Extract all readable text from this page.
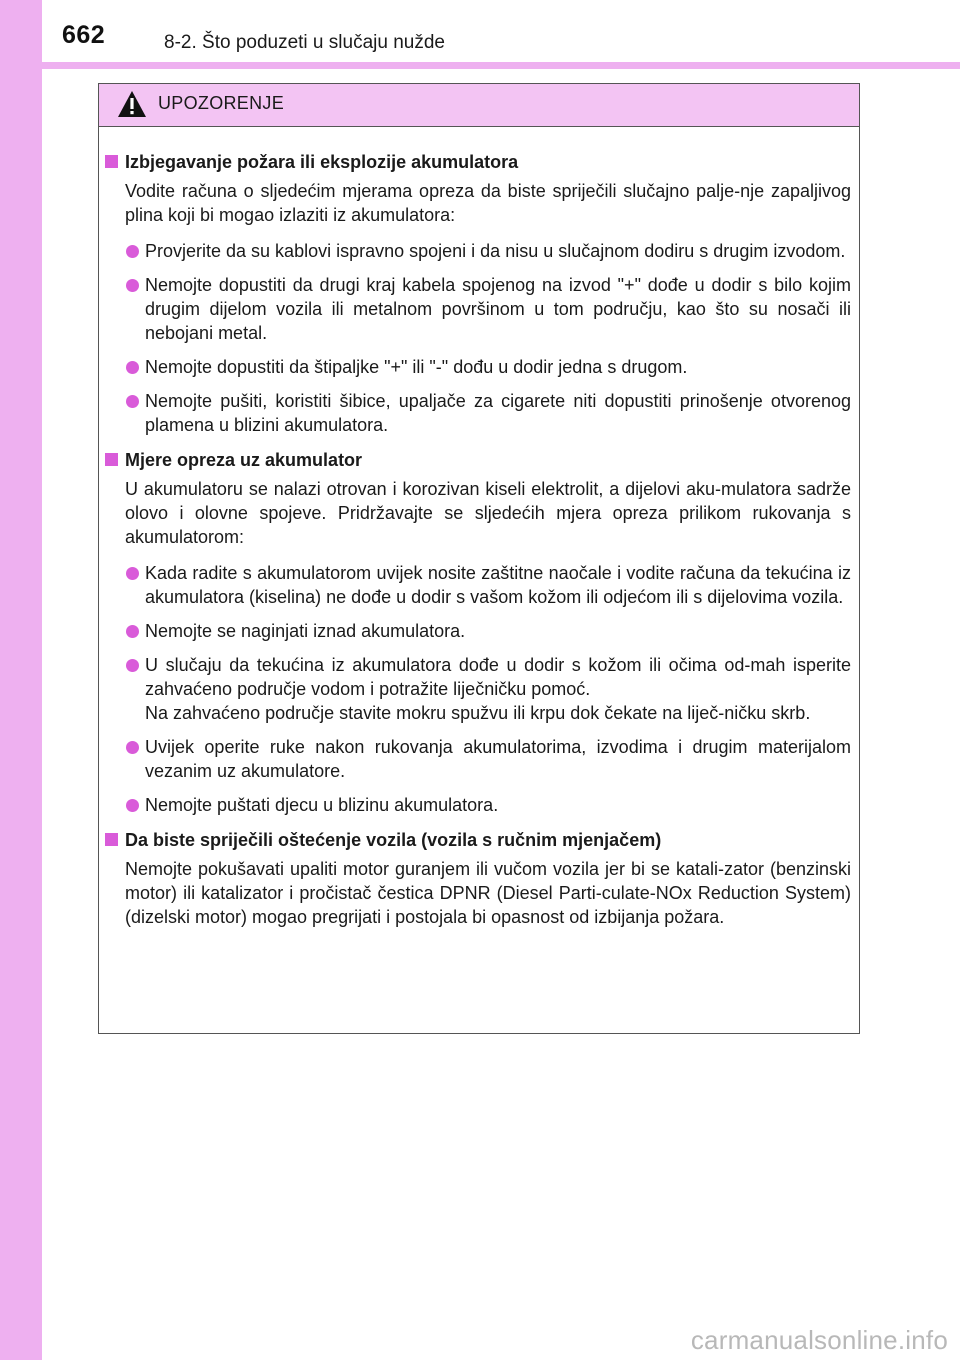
662	8-2. Što poduzeti u slučaju nužde
UPOZORENJE
Izbjegavanje požara ili eksplozije akumulatora
Vodite računa o sljedećim mjerama opreza da biste spriječili slučajno palje-nje zapaljivog plina koji bi mogao izlaziti iz akumulatora:
Provjerite da su kablovi ispravno spojeni i da nisu u slučajnom dodiru s drugim izvodom.
Nemojte dopustiti da drugi kraj kabela spojenog na izvod "+" dođe u dodir s bilo kojim drugim dijelom vozila ili metalnom površinom u tom području, kao što su nosači ili nebojani metal.
Nemojte dopustiti da štipaljke "+" ili "-" dođu u dodir jedna s drugom.
Nemojte pušiti, koristiti šibice, upaljače za cigarete niti dopustiti prinošenje otvorenog plamena u blizini akumulatora.
Mjere opreza uz akumulator
U akumulatoru se nalazi otrovan i korozivan kiseli elektrolit, a dijelovi aku-mulatora sadrže olovo i olovne spojeve. Pridržavajte se sljedećih mjera opreza prilikom rukovanja s akumulatorom:
Kada radite s akumulatorom uvijek nosite zaštitne naočale i vodite računa da tekućina iz akumulatora (kiselina) ne dođe u dodir s vašom kožom ili odjećom ili s dijelovima vozila.
Nemojte se naginjati iznad akumulatora.
U slučaju da tekućina iz akumulatora dođe u dodir s kožom ili očima od-mah isperite zahvaćeno područje vodom i potražite liječničku pomoć.
Na zahvaćeno područje stavite mokru spužvu ili krpu dok čekate na liječ-ničku skrb.
Uvijek operite ruke nakon rukovanja akumulatorima, izvodima i drugim materijalom vezanim uz akumulatore.
Nemojte puštati djecu u blizinu akumulatora.
Da biste spriječili oštećenje vozila (vozila s ručnim mjenjačem)
Nemojte pokušavati upaliti motor guranjem ili vučom vozila jer bi se katali-zator (benzinski motor) ili katalizator i pročistač čestica DPNR (Diesel Parti-culate-NOx Reduction System) (dizelski motor) mogao pregrijati i postojala bi opasnost od izbijanja požara.
carmanualsonline.info
